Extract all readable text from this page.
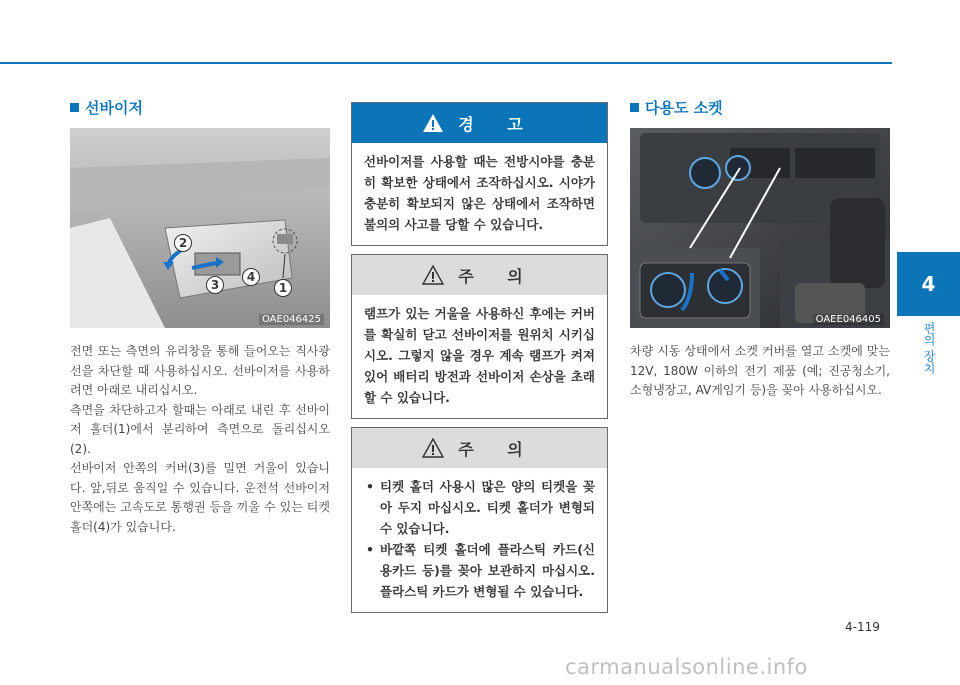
선바이저
2
3
4
1
OAE046425

전면 또는 측면의 유리창을 통해 들어오는 직사광선을 차단할 때 사용하십시오. 선바이저를 사용하려면 아래로 내리십시오.

측면을 차단하고자 할때는 아래로 내린 후 선바이저 홀더(1)에서 분리하여 측면으로 돌리십시오(2).

선바이저 안쪽의 커버(3)를 밀면 거울이 있습니다. 앞,뒤로 움직일 수 있습니다. 운전석 선바이저 안쪽에는 고속도로 통행권 등을 끼울 수 있는 티켓 홀더(4)가 있습니다.

경 고
선바이저를 사용할 때는 전방시야를 충분히 확보한 상태에서 조작하십시오. 시야가 충분히 확보되지 않은 상태에서 조작하면 불의의 사고를 당할 수 있습니다.
주 의
램프가 있는 거울을 사용하신 후에는 커버를 확실히 닫고 선바이저를 원위치 시키십시오. 그렇지 않을 경우 계속 램프가 켜져있어 배터리 방전과 선바이저 손상을 초래할 수 있습니다.
주 의
• 티켓 홀더 사용시 많은 양의 티켓을 꽂아 두지 마십시오. 티켓 홀더가 변형되수 있습니다.
• 바깥쪽 티켓 홀더에 플라스틱 카드(신용카드 등)를 꽂아 보관하지 마십시오. 플라스틱 카드가 변형될 수 있습니다.
다용도 소켓
OAEE046405
차량 시동 상태에서 소켓 커버를 열고 소켓에 맞는 12V, 180W 이하의 전기 제품 (예; 진공청소기, 소형냉장고, AV게임기 등)을 꽂아 사용하십시오.
4
편의 장치
4-119
carmanualsonline.info
